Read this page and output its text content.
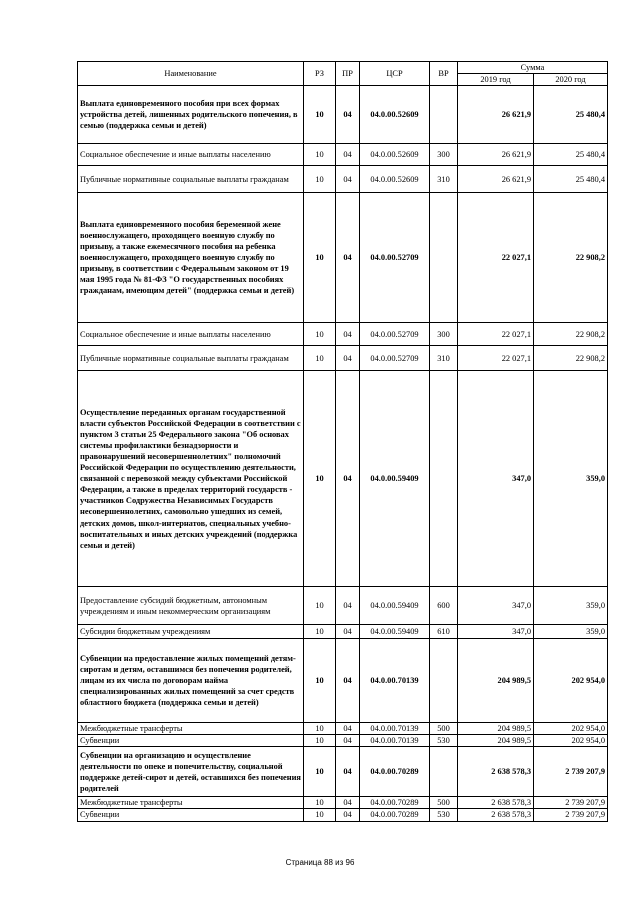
Наименование	РЗ	ПР	ЦСР	ВР	Сумма	
					2019 год	2020 год
Выплата единовременного пособия при всех формах устройства детей, лишенных родительского попечения, в семью (поддержка семьи и детей)	10	04	04.0.00.52609		26 621,9	25 480,4
Социальное обеспечение и иные выплаты населению	10	04	04.0.00.52609	300	26 621,9	25 480,4
Публичные нормативные социальные выплаты гражданам	10	04	04.0.00.52609	310	26 621,9	25 480,4
Выплата единовременного пособия беременной жене военнослужащего, проходящего военную службу по призыву, а также ежемесячного пособия на ребенка военнослужащего, проходящего военную службу по призыву, в соответствии с Федеральным законом от 19 мая 1995 года № 81-ФЗ "О государственных пособиях гражданам, имеющим детей" (поддержка семьи и детей)	10	04	04.0.00.52709		22 027,1	22 908,2
Социальное обеспечение и иные выплаты населению	10	04	04.0.00.52709	300	22 027,1	22 908,2
Публичные нормативные социальные выплаты гражданам	10	04	04.0.00.52709	310	22 027,1	22 908,2
Осуществление переданных органам государственной власти субъектов Российской Федерации в соответствии с пунктом 3 статьи 25 Федерального закона "Об основах системы профилактики безнадзорности и правонарушений несовершеннолетних" полномочий Российской Федерации по осуществлению деятельности, связанной с перевозкой между субъектами Российской Федерации, а также в пределах территорий государств - участников Содружества Независимых Государств несовершеннолетних, самовольно ушедших из семей, детских домов, школ-интернатов, специальных учебно-воспитательных и иных детских учреждений (поддержка семьи и детей)	10	04	04.0.00.59409		347,0	359,0
Предоставление субсидий бюджетным, автономным учреждениям и иным некоммерческим организациям	10	04	04.0.00.59409	600	347,0	359,0
Субсидии бюджетным учреждениям	10	04	04.0.00.59409	610	347,0	359,0
Субвенции на предоставление жилых помещений детям-сиротам и детям, оставшимся без попечения родителей, лицам из их числа по договорам найма специализированных жилых помещений за счет средств областного бюджета (поддержка семьи и детей)	10	04	04.0.00.70139		204 989,5	202 954,0
Межбюджетные трансферты	10	04	04.0.00.70139	500	204 989,5	202 954,0
Субвенции	10	04	04.0.00.70139	530	204 989,5	202 954,0
Субвенции на организацию и осуществление деятельности по опеке и попечительству, социальной поддержке детей-сирот и детей, оставшихся без попечения родителей	10	04	04.0.00.70289		2 638 578,3	2 739 207,9
Межбюджетные трансферты	10	04	04.0.00.70289	500	2 638 578,3	2 739 207,9
Субвенции	10	04	04.0.00.70289	530	2 638 578,3	2 739 207,9
Страница 88 из 96
